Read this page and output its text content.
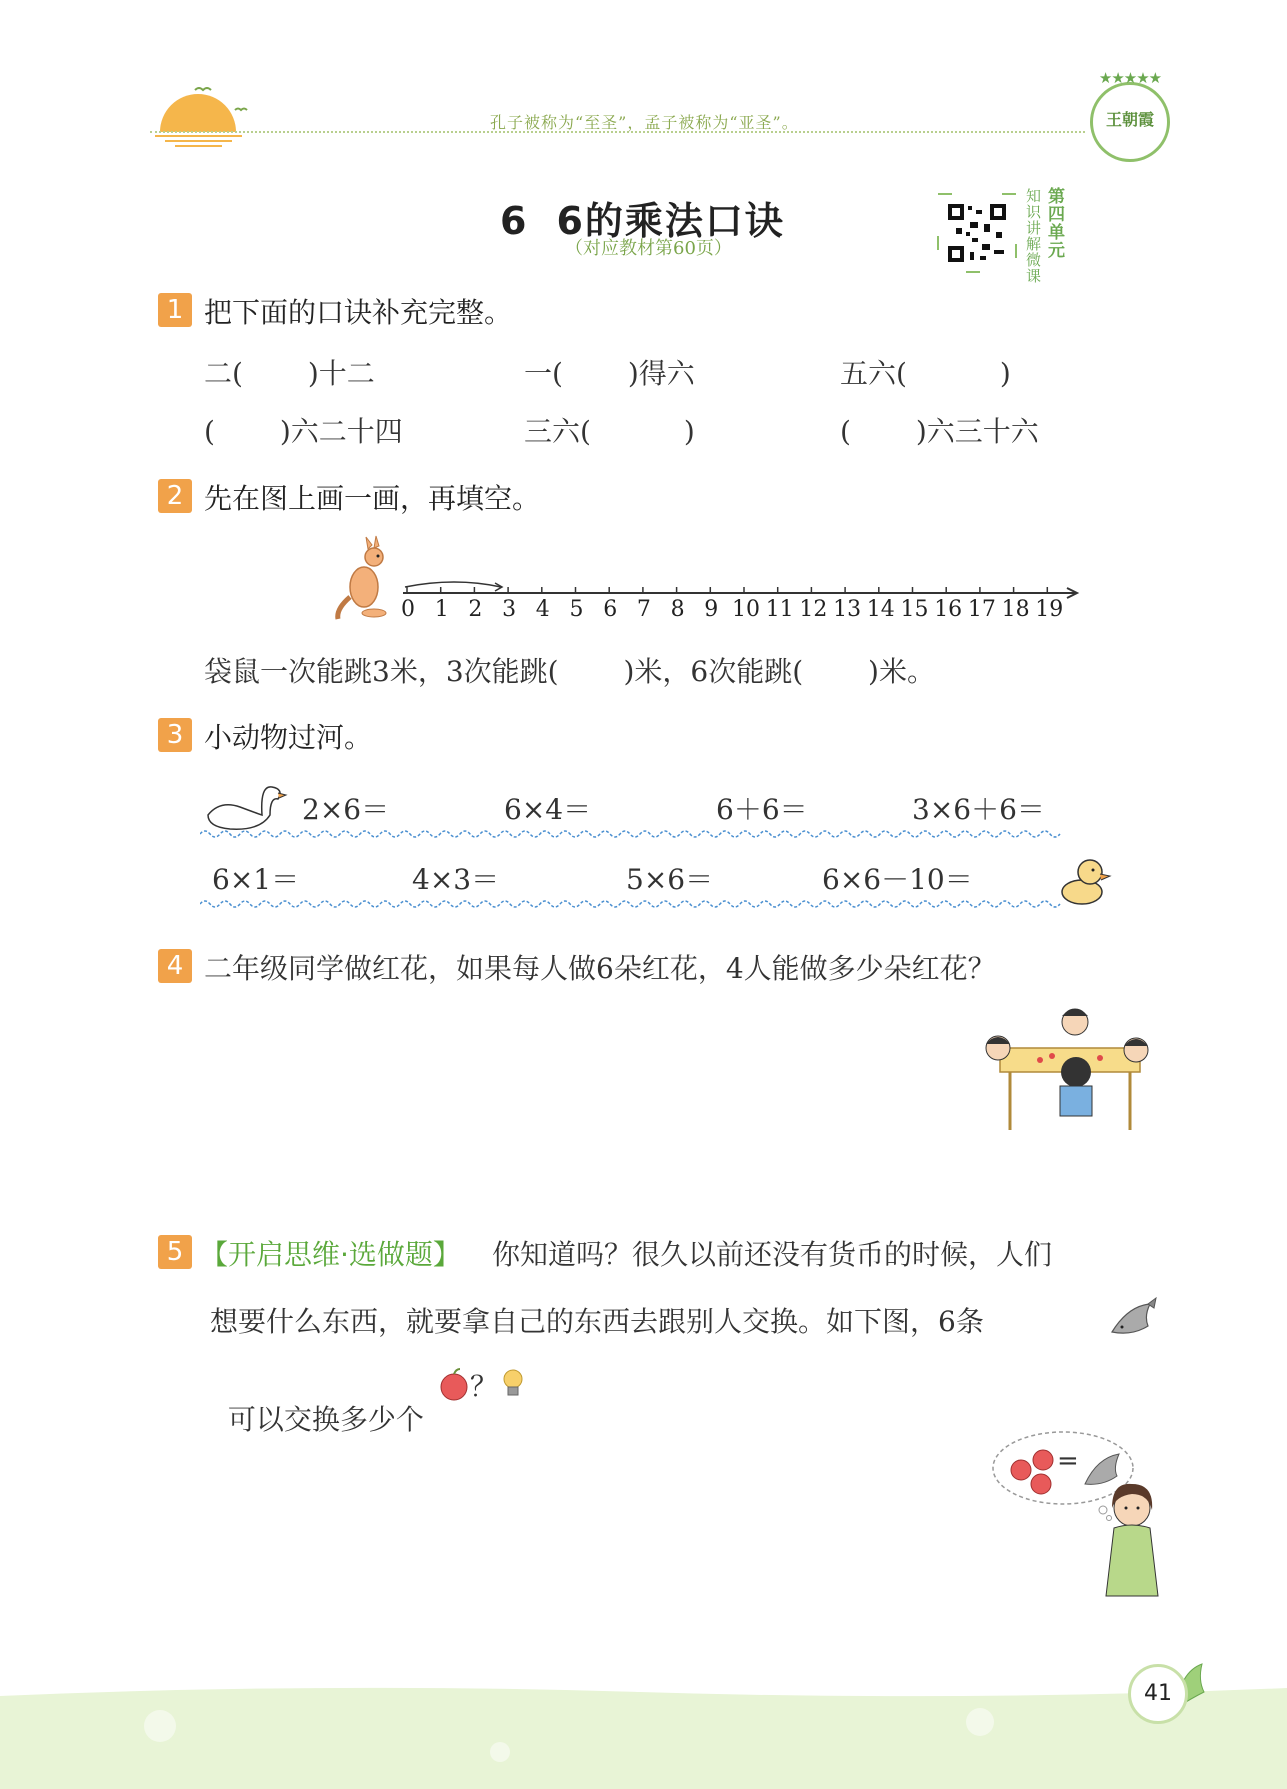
孔子被称为“至圣”，孟子被称为“亚圣”。
★★★★★
王朝霞
6 6的乘法口诀
（对应教材第60页）
知识讲解微课
第四单元
1 把下面的口诀补充完整。
二(　　 )十二	一(　　 )得六	五六(　　　 )
(　　 )六二十四	三六(　　　 )	(　　 )六三十六
2 先在图上画一画，再填空。
0 1 2 3 4 5 6 7 8 9 10 11 12 13 14 15 16 17 18 19
袋鼠一次能跳3米，3次能跳(　　 )米，6次能跳(　　 )米。
3 小动物过河。
2×6＝	6×4＝	6＋6＝	3×6＋6＝
6×1＝	4×3＝	5×6＝	6×6－10＝
4 二年级同学做红花，如果每人做6朵红花，4人能做多少朵红花？
5 【开启思维·选做题】 你知道吗？很久以前还没有货币的时候，人们
想要什么东西，就要拿自己的东西去跟别人交换。如下图，6条

可以交换多少个

？
=
41
